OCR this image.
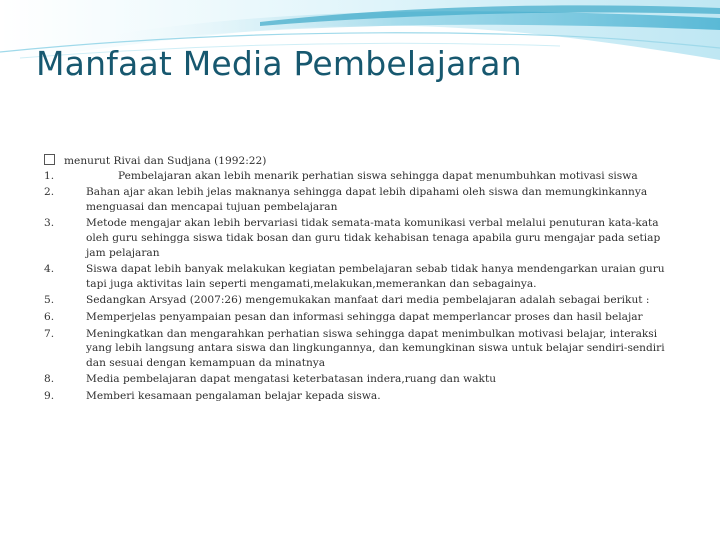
Manfaat Media Pembelajaran
menurut Rivai dan Sudjana (1992:22)
1.	Pembelajaran akan lebih menarik perhatian siswa sehingga dapat menumbuhkan motivasi siswa
2.	Bahan ajar akan lebih jelas maknanya sehingga dapat lebih dipahami oleh siswa dan memungkinkannya menguasai dan mencapai tujuan pembelajaran
3.	Metode mengajar akan lebih bervariasi tidak semata-mata komunikasi verbal melalui penuturan kata-kata oleh guru sehingga siswa tidak bosan dan guru tidak kehabisan tenaga apabila guru mengajar pada setiap jam pelajaran
4.	Siswa dapat lebih banyak melakukan kegiatan pembelajaran sebab tidak hanya mendengarkan uraian guru tapi juga aktivitas lain seperti mengamati,melakukan,memerankan dan sebagainya.
5.	Sedangkan Arsyad (2007:26) mengemukakan manfaat dari media pembelajaran adalah sebagai berikut :
6.	Memperjelas penyampaian pesan dan informasi sehingga dapat memperlancar proses dan hasil belajar
7.	Meningkatkan dan mengarahkan perhatian siswa sehingga dapat menimbulkan motivasi belajar, interaksi yang lebih langsung antara siswa dan lingkungannya, dan kemungkinan siswa untuk belajar sendiri-sendiri dan sesuai dengan kemampuan da minatnya
8.	Media pembelajaran dapat mengatasi keterbatasan indera,ruang dan waktu
9.	Memberi kesamaan pengalaman belajar kepada siswa.
